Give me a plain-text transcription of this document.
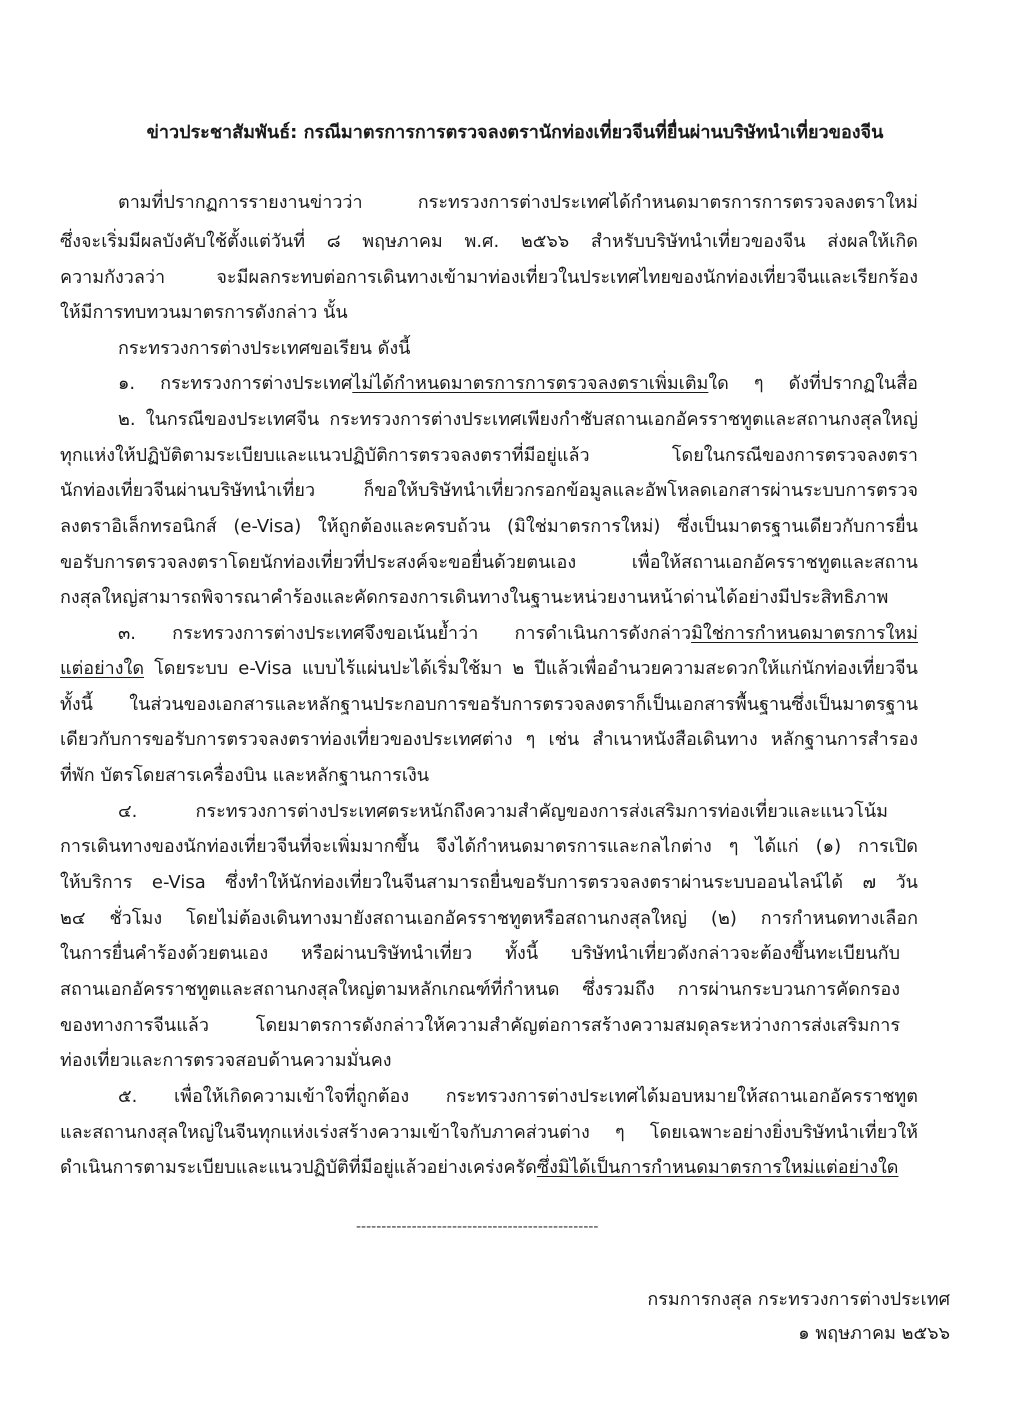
ข่าวประชาสัมพันธ์: กรณีมาตรการการตรวจลงตรานักท่องเที่ยวจีนที่ยื่นผ่านบริษัทนำเที่ยวของจีน
ตามที่ปรากฏการรายงานข่าวว่า กระทรวงการต่างประเทศได้กำหนดมาตรการการตรวจลงตราใหม่
ซึ่งจะเริ่มมีผลบังคับใช้ตั้งแต่วันที่ ๘ พฤษภาคม พ.ศ. ๒๕๖๖ สำหรับบริษัทนำเที่ยวของจีน ส่งผลให้เกิด
ความกังวลว่า จะมีผลกระทบต่อการเดินทางเข้ามาท่องเที่ยวในประเทศไทยของนักท่องเที่ยวจีนและเรียกร้อง
ให้มีการทบทวนมาตรการดังกล่าว นั้น
กระทรวงการต่างประเทศขอเรียน ดังนี้
๑. กระทรวงการต่างประเทศไม่ได้กำหนดมาตรการการตรวจลงตราเพิ่มเติมใด ๆ ดังที่ปรากฏในสื่อ
๒. ในกรณีของประเทศจีน กระทรวงการต่างประเทศเพียงกำชับสถานเอกอัครราชทูตและสถานกงสุลใหญ่
ทุกแห่งให้ปฏิบัติตามระเบียบและแนวปฏิบัติการตรวจลงตราที่มีอยู่แล้ว โดยในกรณีของการตรวจลงตรา
นักท่องเที่ยวจีนผ่านบริษัทนำเที่ยว ก็ขอให้บริษัทนำเที่ยวกรอกข้อมูลและอัพโหลดเอกสารผ่านระบบการตรวจ
ลงตราอิเล็กทรอนิกส์ (e-Visa) ให้ถูกต้องและครบถ้วน (มิใช่มาตรการใหม่) ซึ่งเป็นมาตรฐานเดียวกับการยื่น
ขอรับการตรวจลงตราโดยนักท่องเที่ยวที่ประสงค์จะขอยื่นด้วยตนเอง เพื่อให้สถานเอกอัครราชทูตและสถาน
กงสุลใหญ่สามารถพิจารณาคำร้องและคัดกรองการเดินทางในฐานะหน่วยงานหน้าด่านได้อย่างมีประสิทธิภาพ
๓. กระทรวงการต่างประเทศจึงขอเน้นย้ำว่า การดำเนินการดังกล่าวมิใช่การกำหนดมาตรการใหม่
แต่อย่างใด โดยระบบ e-Visa แบบไร้แผ่นปะได้เริ่มใช้มา ๒ ปีแล้วเพื่ออำนวยความสะดวกให้แก่นักท่องเที่ยวจีน
ทั้งนี้ ในส่วนของเอกสารและหลักฐานประกอบการขอรับการตรวจลงตราก็เป็นเอกสารพื้นฐานซึ่งเป็นมาตรฐาน
เดียวกับการขอรับการตรวจลงตราท่องเที่ยวของประเทศต่าง ๆ เช่น สำเนาหนังสือเดินทาง หลักฐานการสำรอง
ที่พัก บัตรโดยสารเครื่องบิน และหลักฐานการเงิน
๔. กระทรวงการต่างประเทศตระหนักถึงความสำคัญของการส่งเสริมการท่องเที่ยวและแนวโน้ม
การเดินทางของนักท่องเที่ยวจีนที่จะเพิ่มมากขึ้น จึงได้กำหนดมาตรการและกลไกต่าง ๆ ได้แก่ (๑) การเปิด
ให้บริการ e-Visa ซึ่งทำให้นักท่องเที่ยวในจีนสามารถยื่นขอรับการตรวจลงตราผ่านระบบออนไลน์ได้ ๗ วัน
๒๔ ชั่วโมง โดยไม่ต้องเดินทางมายังสถานเอกอัครราชทูตหรือสถานกงสุลใหญ่ (๒) การกำหนดทางเลือก
ในการยื่นคำร้องด้วยตนเอง หรือผ่านบริษัทนำเที่ยว ทั้งนี้ บริษัทนำเที่ยวดังกล่าวจะต้องขึ้นทะเบียนกับ
สถานเอกอัครราชทูตและสถานกงสุลใหญ่ตามหลักเกณฑ์ที่กำหนด ซึ่งรวมถึง การผ่านกระบวนการคัดกรอง
ของทางการจีนแล้ว โดยมาตรการดังกล่าวให้ความสำคัญต่อการสร้างความสมดุลระหว่างการส่งเสริมการ
ท่องเที่ยวและการตรวจสอบด้านความมั่นคง
๕. เพื่อให้เกิดความเข้าใจที่ถูกต้อง กระทรวงการต่างประเทศได้มอบหมายให้สถานเอกอัครราชทูต
และสถานกงสุลใหญ่ในจีนทุกแห่งเร่งสร้างความเข้าใจกับภาคส่วนต่าง ๆ โดยเฉพาะอย่างยิ่งบริษัทนำเที่ยวให้
ดำเนินการตามระเบียบและแนวปฏิบัติที่มีอยู่แล้วอย่างเคร่งครัดซึ่งมิได้เป็นการกำหนดมาตรการใหม่แต่อย่างใด
------------------------------------------------
กรมการกงสุล กระทรวงการต่างประเทศ
๑ พฤษภาคม ๒๕๖๖
